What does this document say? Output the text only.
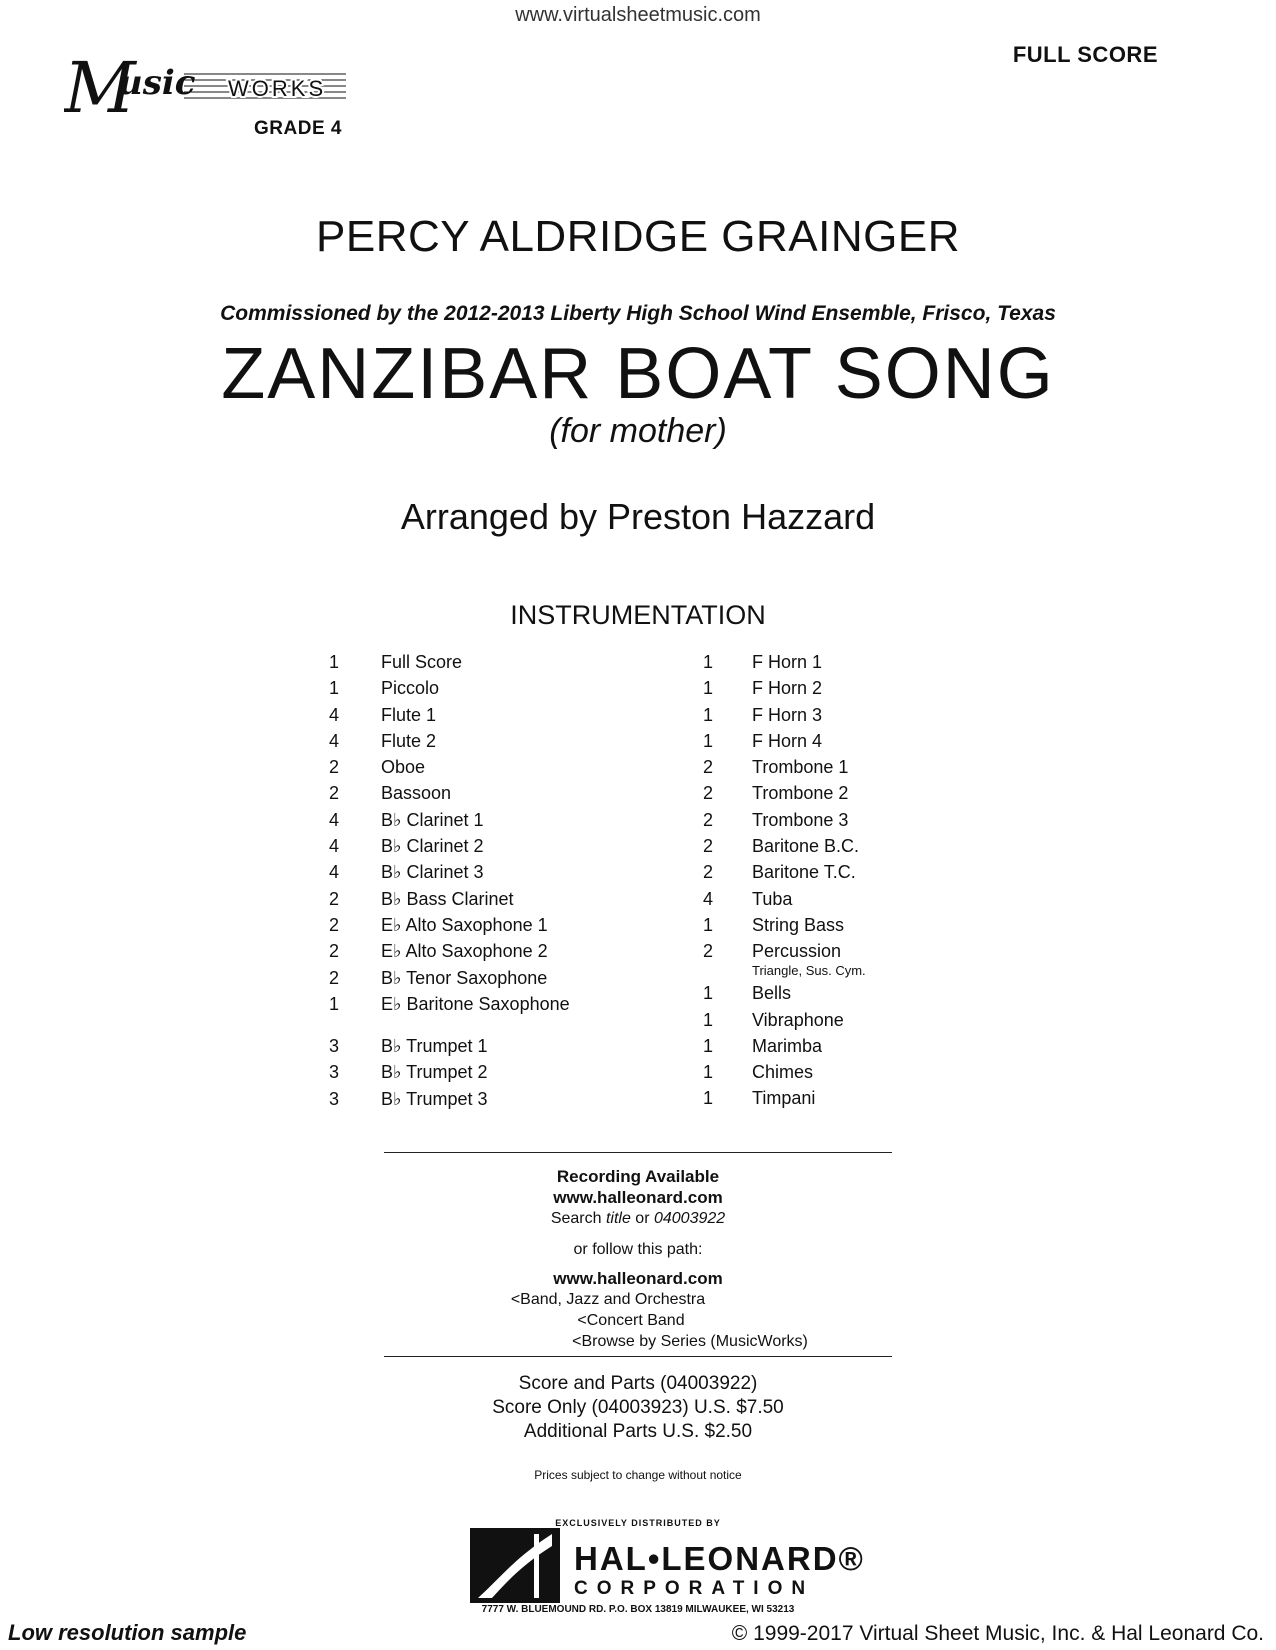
www.virtualsheetmusic.com
FULL SCORE
M
usic WORKS
GRADE 4
PERCY ALDRIDGE GRAINGER
Commissioned by the 2012-2013 Liberty High School Wind Ensemble, Frisco, Texas
ZANZIBAR BOAT SONG
(for mother)
Arranged by Preston Hazzard
INSTRUMENTATION
1 Full Score
1 Piccolo
4 Flute 1
4 Flute 2
2 Oboe
2 Bassoon
4 B♭ Clarinet 1
4 B♭ Clarinet 2
4 B♭ Clarinet 3
2 B♭ Bass Clarinet
2 E♭ Alto Saxophone 1
2 E♭ Alto Saxophone 2
2 B♭ Tenor Saxophone
1 E♭ Baritone Saxophone
3 B♭ Trumpet 1
3 B♭ Trumpet 2
3 B♭ Trumpet 3
1 F Horn 1
1 F Horn 2
1 F Horn 3
1 F Horn 4
2 Trombone 1
2 Trombone 2
2 Trombone 3
2 Baritone B.C.
2 Baritone T.C.
4 Tuba
1 String Bass
2 Percussion
Triangle, Sus. Cym.
1 Bells
1 Vibraphone
1 Marimba
1 Chimes
1 Timpani
Recording Available
www.halleonard.com
Search title or 04003922
or follow this path:
www.halleonard.com
<Band, Jazz and Orchestra
<Concert Band
<Browse by Series (MusicWorks)
Score and Parts (04003922)
Score Only (04003923) U.S. $7.50
Additional Parts U.S. $2.50
Prices subject to change without notice
EXCLUSIVELY DISTRIBUTED BY
HAL•LEONARD®
CORPORATION
7777 W. BLUEMOUND RD. P.O. BOX 13819 MILWAUKEE, WI 53213
Low resolution sample	© 1999-2017 Virtual Sheet Music, Inc. & Hal Leonard Co.
